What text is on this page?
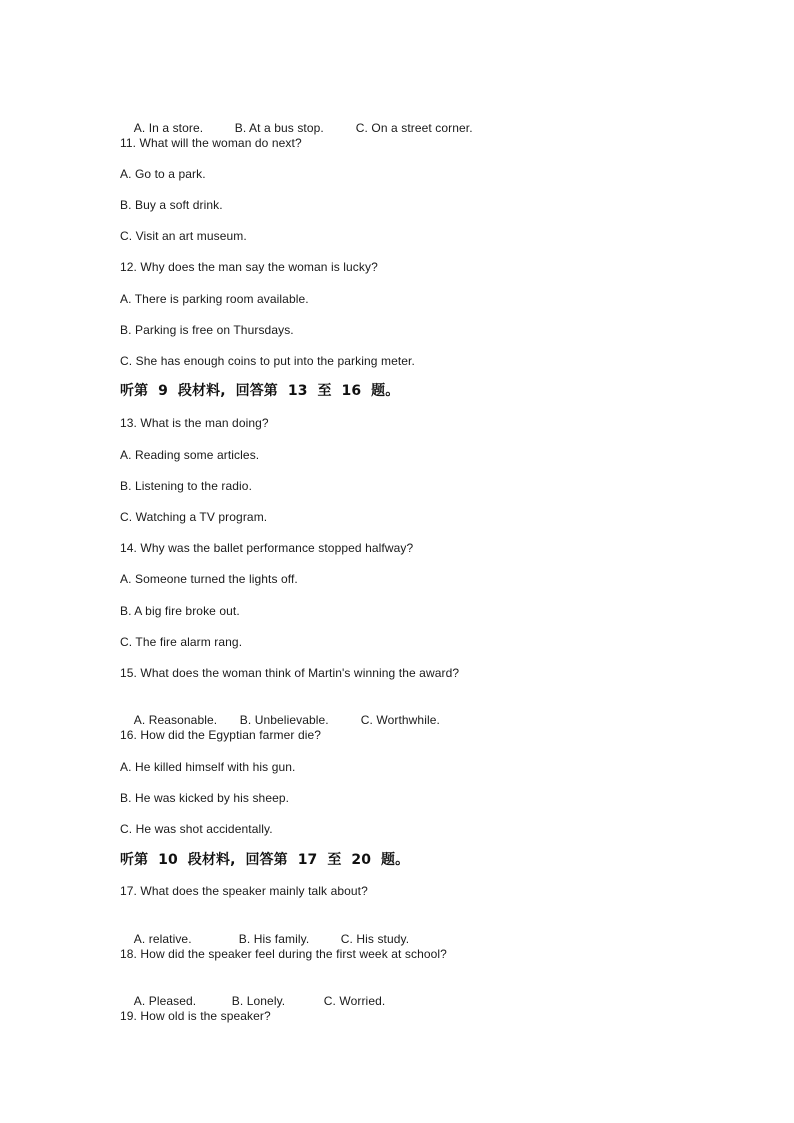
A. In a store.	B. At a bus stop.	C. On a street corner.

11. What will the woman do next?
A. Go to a park.
B. Buy a soft drink.
C. Visit an art museum.
12. Why does the man say the woman is lucky?
A. There is parking room available.
B. Parking is free on Thursdays.
C. She has enough coins to put into the parking meter.
听第  9  段材料,  回答第  13  至  16  题。
13. What is the man doing?
A. Reading some articles.
B. Listening to the radio.
C. Watching a TV program.
14. Why was the ballet performance stopped halfway?
A. Someone turned the lights off.
B. A big fire broke out.
C. The fire alarm rang.
15. What does the woman think of Martin's winning the award?

A. Reasonable. B. Unbelievable.	C. Worthwhile.

16. How did the Egyptian farmer die?
A. He killed himself with his gun.
B. He was kicked by his sheep.
C. He was shot accidentally.
听第  10  段材料,  回答第  17  至  20  题。
17. What does the speaker mainly talk about?

A. relative.	B. His family.	C. His study.

18. How did the speaker feel during the first week at school?

A. Pleased.	B. Lonely.	C. Worried.

19. How old is the speaker?
